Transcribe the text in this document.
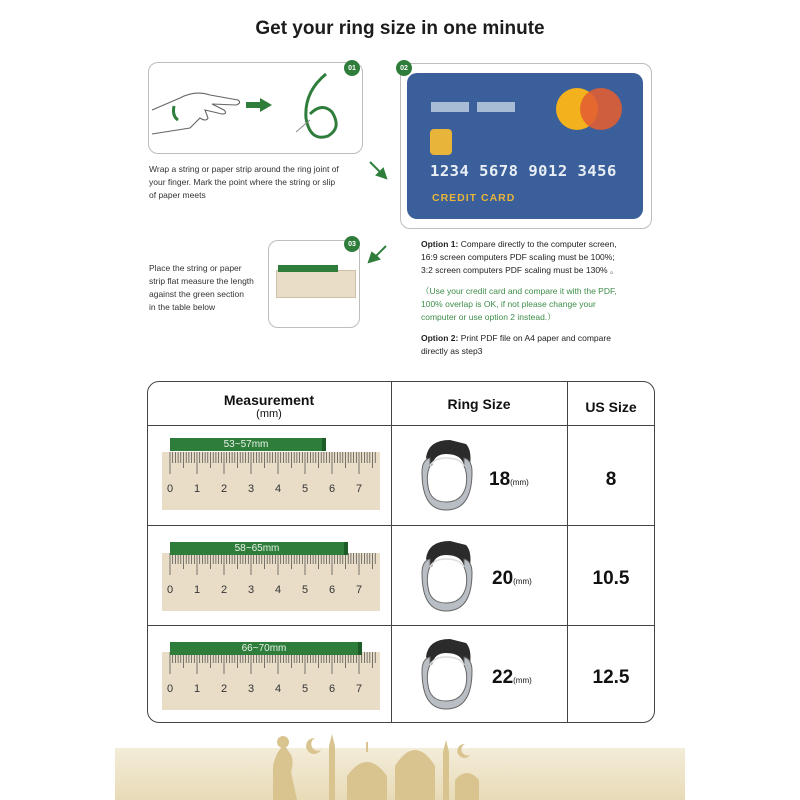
Get your ring size in one minute
01
Wrap a string or paper strip around the ring joint of
your finger. Mark the point where the string or slip
of paper meets
02
1234 5678 9012 3456
CREDIT CARD
03
Place the string or paper
strip flat measure the length
against the green section
in the table below
Option 1: Compare directly to the computer screen,
16:9 screen computers PDF scaling must be 100%;
3:2 screen computers PDF scaling must be 130% 。
（Use your credit card and compare it with the PDF,
100% overlap is OK, if not please change your
computer or use option 2 instead.）
Option 2: Print PDF file on A4 paper and compare
directly as step3
Measurement
(mm)
Ring Size	US Size
0 1 2 3 4 5 6 7
53~57mm
18(mm)	8
0 1 2 3 4 5 6 7
58~65mm
20(mm)	10.5
0 1 2 3 4 5 6 7
66~70mm
22(mm)	12.5
